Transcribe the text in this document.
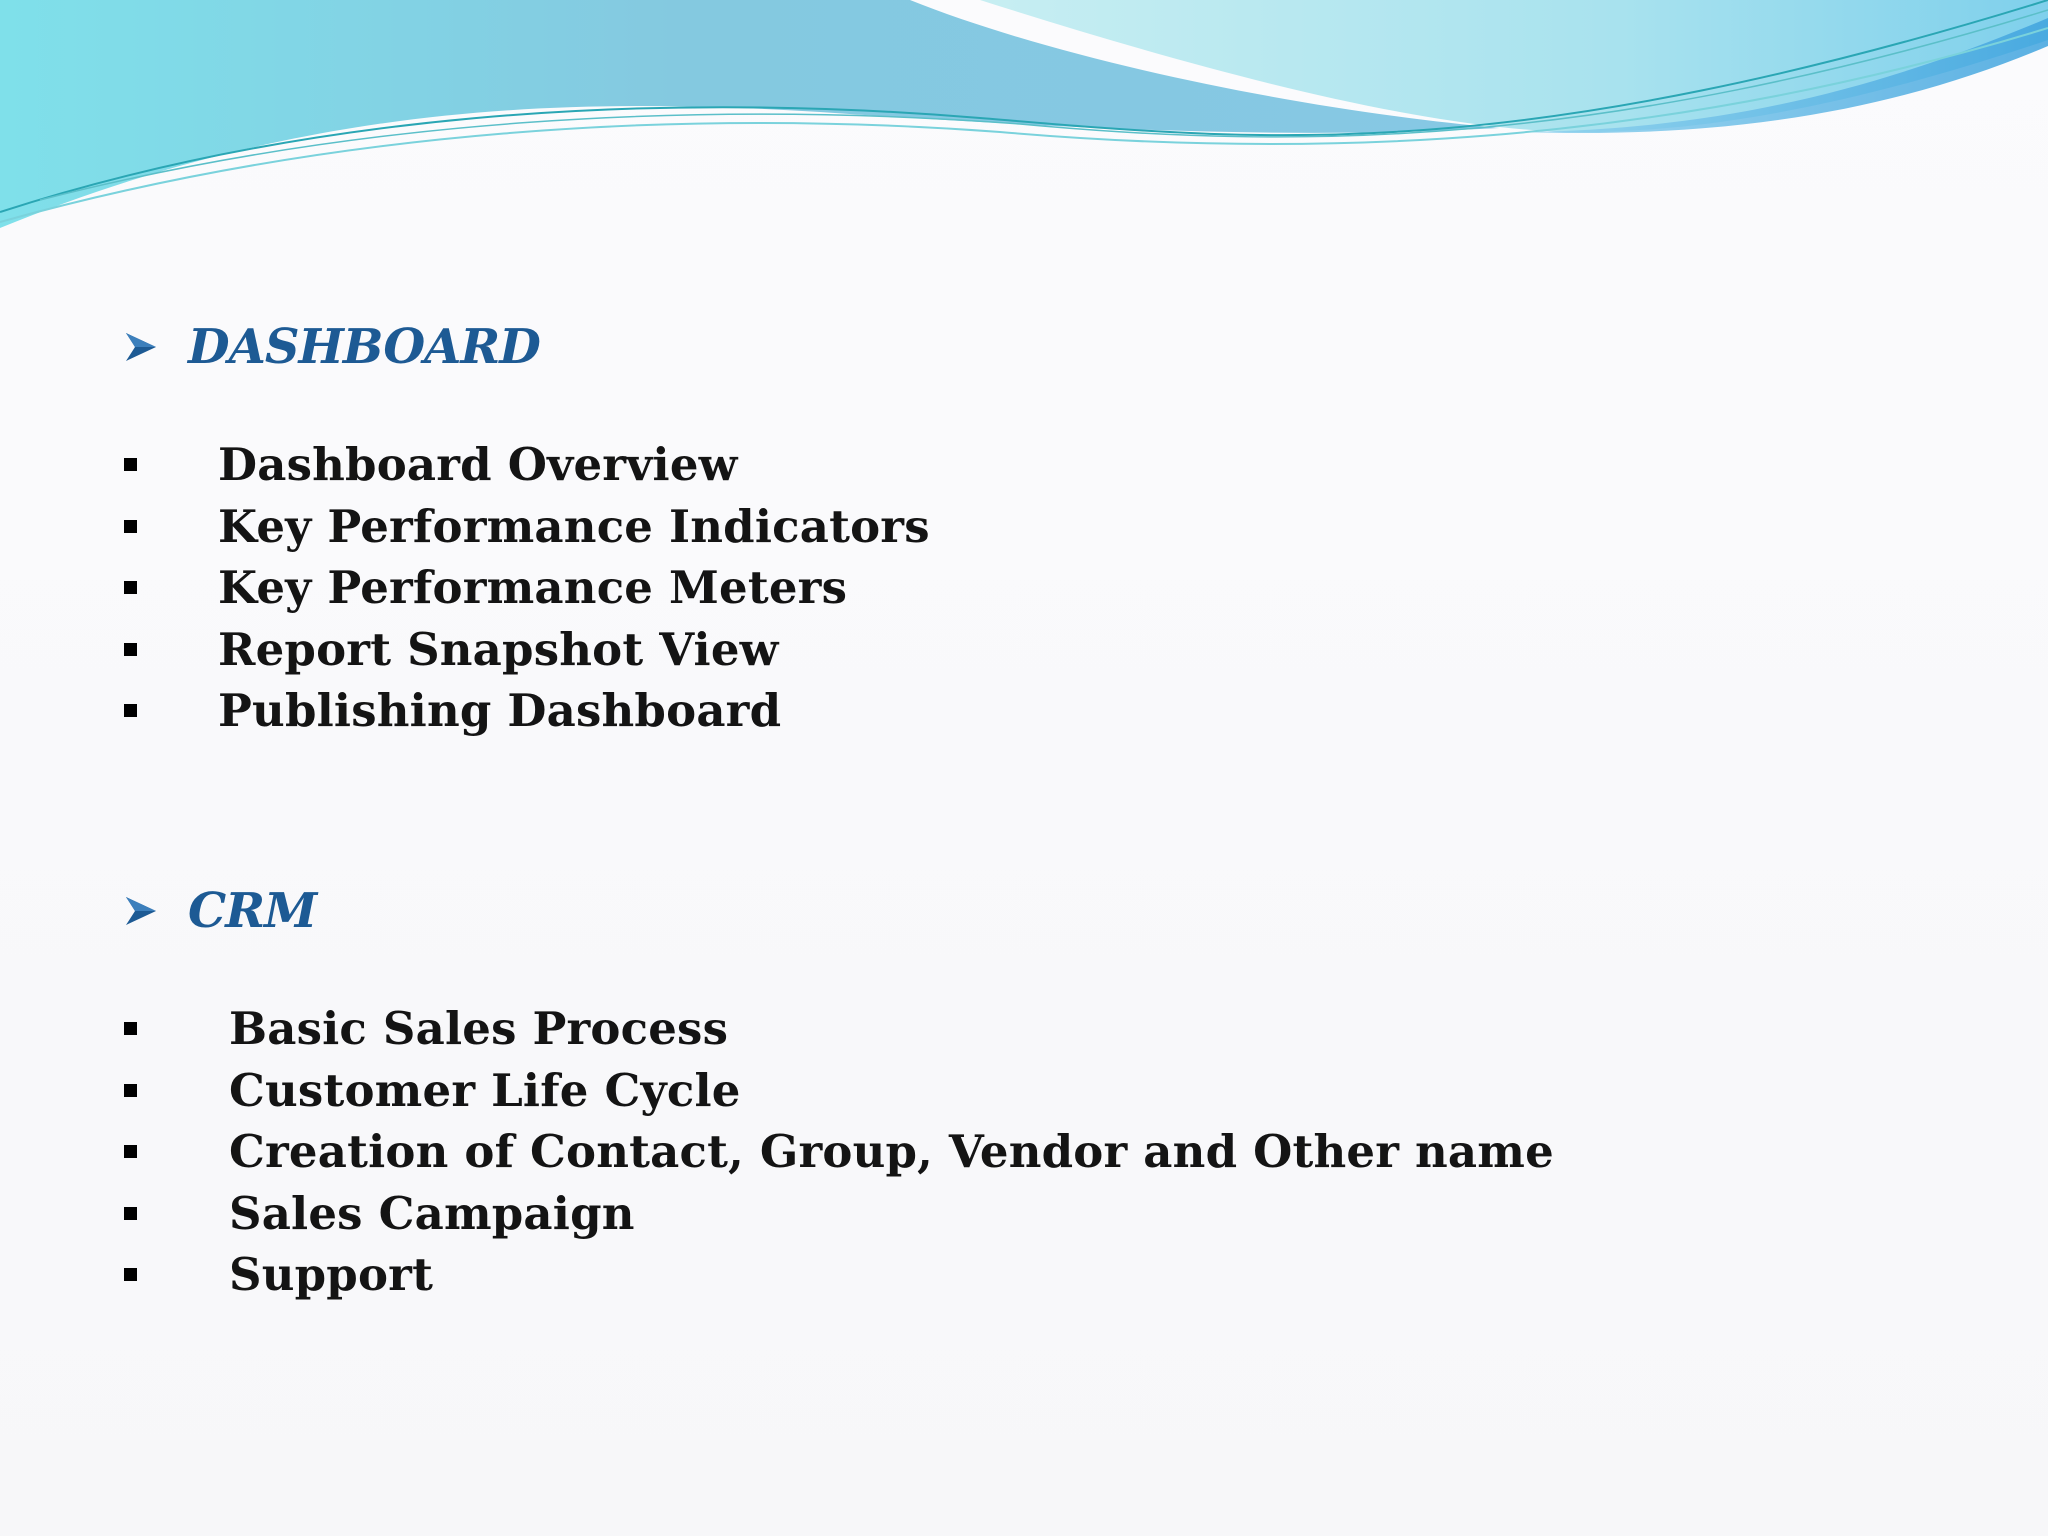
DASHBOARD
Dashboard Overview
Key Performance Indicators
Key Performance Meters
Report Snapshot View
Publishing Dashboard
CRM
Basic Sales Process
Customer Life Cycle
Creation of Contact, Group, Vendor and Other name
Sales Campaign
Support
